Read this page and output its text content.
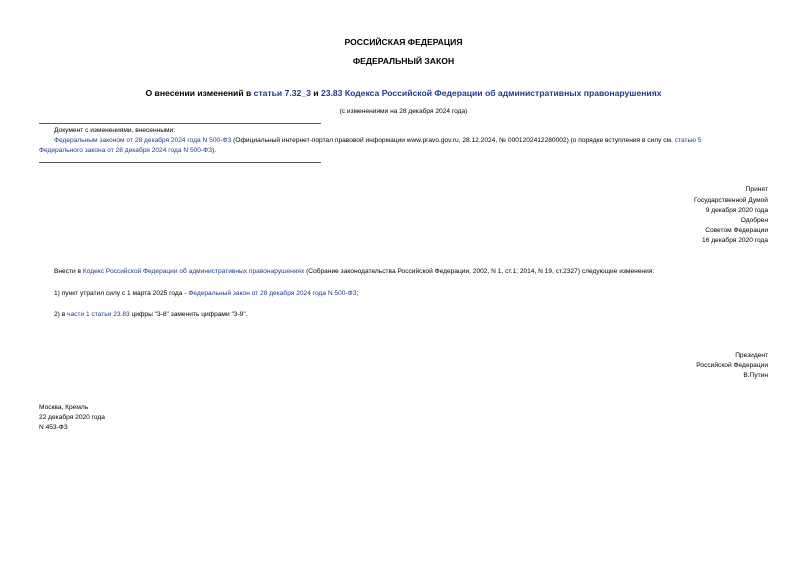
РОССИЙСКАЯ ФЕДЕРАЦИЯ
ФЕДЕРАЛЬНЫЙ ЗАКОН
О внесении изменений в статьи 7.32_3 и 23.83 Кодекса Российской Федерации об административных правонарушениях
(с изменениями на 28 декабря 2024 года)
Документ с изменениями, внесенными:
Федеральным законом от 28 декабря 2024 года N 500-ФЗ (Официальный интернет-портал правовой информации www.pravo.gov.ru, 28.12.2024, № 0001202412280002) (о порядке вступления в силу см. статью 5
Федерального закона от 28 декабря 2024 года N 500-ФЗ).
Принят
Государственной Думой
9 декабря 2020 года
Одобрен
Советом Федерации
16 декабря 2020 года
Внести в Кодекс Российской Федерации об административных правонарушениях (Собрание законодательства Российской Федерации, 2002, N 1, ст.1; 2014, N 19, ст.2327) следующие изменения:
1) пункт утратил силу с 1 марта 2025 года - Федеральный закон от 28 декабря 2024 года N 500-ФЗ;
2) в части 1 статьи 23.83 цифры "3-8" заменить цифрами "3-9".
Президент
Российской Федерации
В.Путин
Москва, Кремль
22 декабря 2020 года
N 453-ФЗ
